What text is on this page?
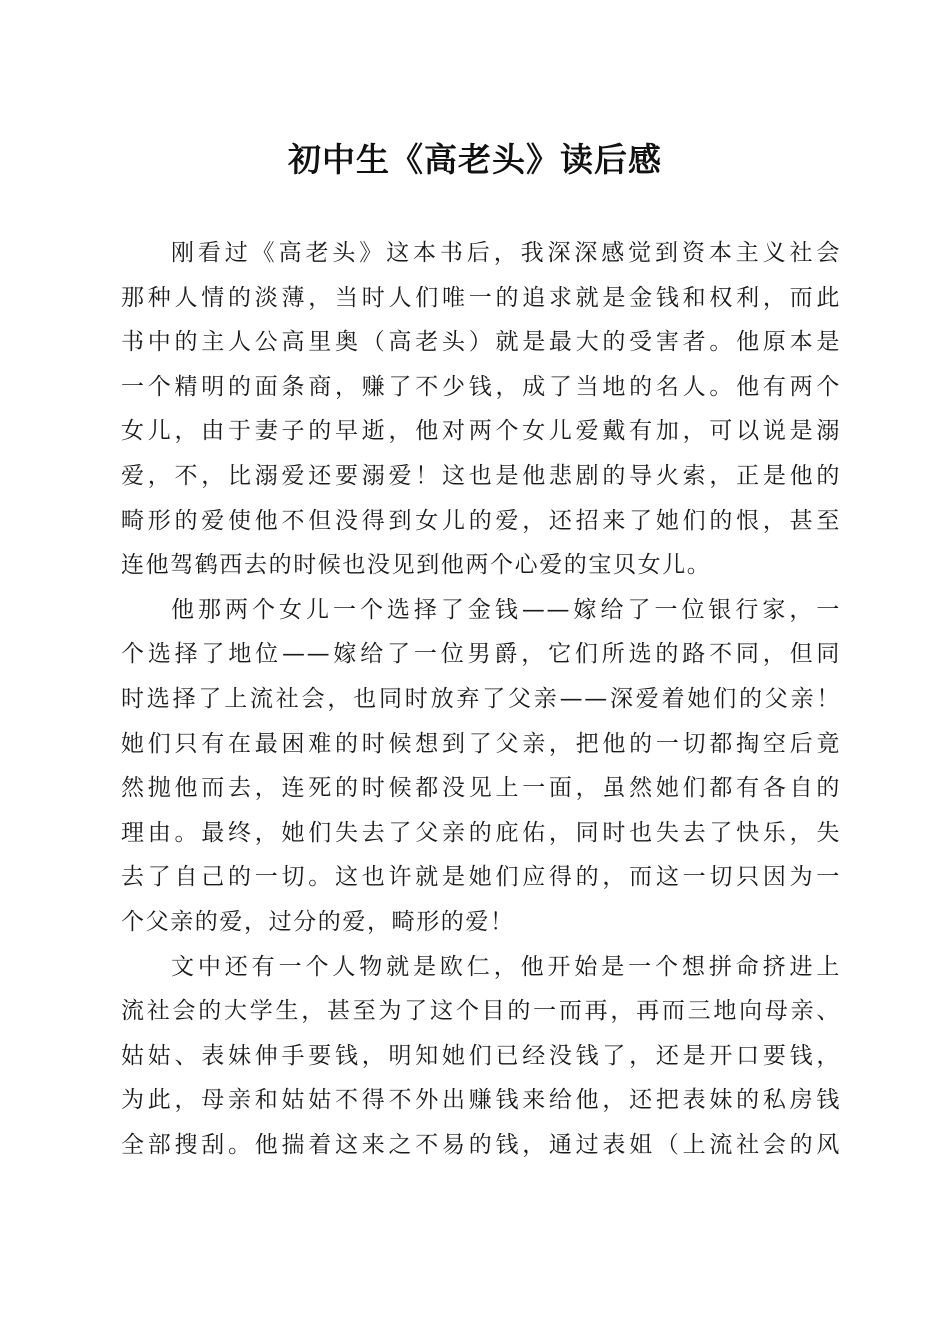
初中生《高老头》读后感
刚看过《高老头》这本书后，我深深感觉到资本主义社会
那种人情的淡薄，当时人们唯一的追求就是金钱和权利，而此
书中的主人公高里奥（高老头）就是最大的受害者。他原本是
一个精明的面条商，赚了不少钱，成了当地的名人。他有两个
女儿，由于妻子的早逝，他对两个女儿爱戴有加，可以说是溺
爱，不，比溺爱还要溺爱！这也是他悲剧的导火索，正是他的
畸形的爱使他不但没得到女儿的爱，还招来了她们的恨，甚至
连他驾鹤西去的时候也没见到他两个心爱的宝贝女儿。
他那两个女儿一个选择了金钱——嫁给了一位银行家，一
个选择了地位——嫁给了一位男爵，它们所选的路不同，但同
时选择了上流社会，也同时放弃了父亲——深爱着她们的父亲！
她们只有在最困难的时候想到了父亲，把他的一切都掏空后竟
然抛他而去，连死的时候都没见上一面，虽然她们都有各自的
理由。最终，她们失去了父亲的庇佑，同时也失去了快乐，失
去了自己的一切。这也许就是她们应得的，而这一切只因为一
个父亲的爱，过分的爱，畸形的爱！
文中还有一个人物就是欧仁，他开始是一个想拼命挤进上
流社会的大学生，甚至为了这个目的一而再，再而三地向母亲、
姑姑、表妹伸手要钱，明知她们已经没钱了，还是开口要钱，
为此，母亲和姑姑不得不外出赚钱来给他，还把表妹的私房钱
全部搜刮。他揣着这来之不易的钱，通过表姐（上流社会的风
